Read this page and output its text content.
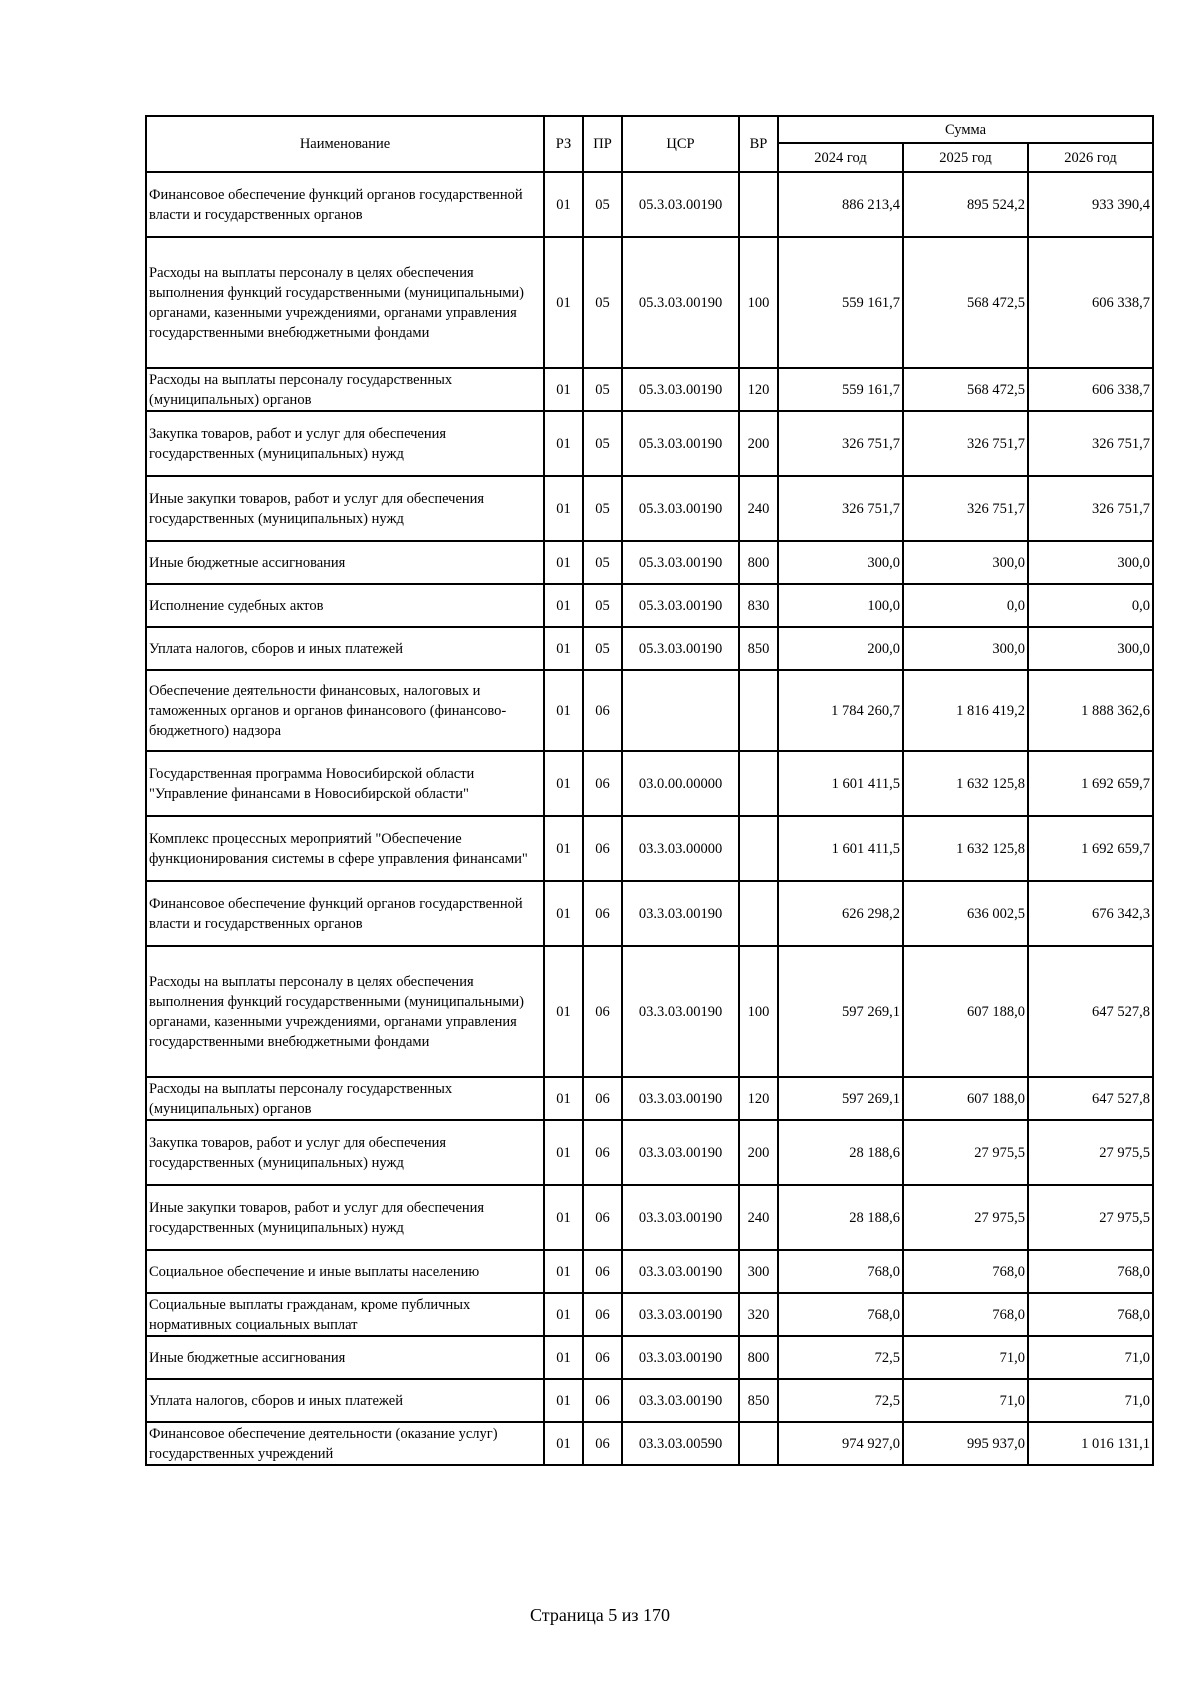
Наименование	РЗ	ПР	ЦСР	ВР	Сумма		
					2024 год	2025 год	2026 год
Финансовое обеспечение функций органов государственной власти и государственных органов	01	05	05.3.03.00190		886 213,4	895 524,2	933 390,4
Расходы на выплаты персоналу в целях обеспечения выполнения функций государственными (муниципальными) органами, казенными учреждениями, органами управления государственными внебюджетными фондами	01	05	05.3.03.00190	100	559 161,7	568 472,5	606 338,7
Расходы на выплаты персоналу государственных (муниципальных) органов	01	05	05.3.03.00190	120	559 161,7	568 472,5	606 338,7
Закупка товаров, работ и услуг для обеспечения государственных (муниципальных) нужд	01	05	05.3.03.00190	200	326 751,7	326 751,7	326 751,7
Иные закупки товаров, работ и услуг для обеспечения государственных (муниципальных) нужд	01	05	05.3.03.00190	240	326 751,7	326 751,7	326 751,7
Иные бюджетные ассигнования	01	05	05.3.03.00190	800	300,0	300,0	300,0
Исполнение судебных актов	01	05	05.3.03.00190	830	100,0	0,0	0,0
Уплата налогов, сборов и иных платежей	01	05	05.3.03.00190	850	200,0	300,0	300,0
Обеспечение деятельности финансовых, налоговых и таможенных органов и органов финансового (финансово-бюджетного) надзора	01	06			1 784 260,7	1 816 419,2	1 888 362,6
Государственная программа Новосибирской области "Управление финансами в Новосибирской области"	01	06	03.0.00.00000		1 601 411,5	1 632 125,8	1 692 659,7
Комплекс процессных мероприятий "Обеспечение функционирования системы в сфере управления финансами"	01	06	03.3.03.00000		1 601 411,5	1 632 125,8	1 692 659,7
Финансовое обеспечение функций органов государственной власти и государственных органов	01	06	03.3.03.00190		626 298,2	636 002,5	676 342,3
Расходы на выплаты персоналу в целях обеспечения выполнения функций государственными (муниципальными) органами, казенными учреждениями, органами управления государственными внебюджетными фондами	01	06	03.3.03.00190	100	597 269,1	607 188,0	647 527,8
Расходы на выплаты персоналу государственных (муниципальных) органов	01	06	03.3.03.00190	120	597 269,1	607 188,0	647 527,8
Закупка товаров, работ и услуг для обеспечения государственных (муниципальных) нужд	01	06	03.3.03.00190	200	28 188,6	27 975,5	27 975,5
Иные закупки товаров, работ и услуг для обеспечения государственных (муниципальных) нужд	01	06	03.3.03.00190	240	28 188,6	27 975,5	27 975,5
Социальное обеспечение и иные выплаты населению	01	06	03.3.03.00190	300	768,0	768,0	768,0
Социальные выплаты гражданам, кроме публичных нормативных социальных выплат	01	06	03.3.03.00190	320	768,0	768,0	768,0
Иные бюджетные ассигнования	01	06	03.3.03.00190	800	72,5	71,0	71,0
Уплата налогов, сборов и иных платежей	01	06	03.3.03.00190	850	72,5	71,0	71,0
Финансовое обеспечение деятельности (оказание услуг) государственных учреждений	01	06	03.3.03.00590		974 927,0	995 937,0	1 016 131,1
Страница 5 из 170
